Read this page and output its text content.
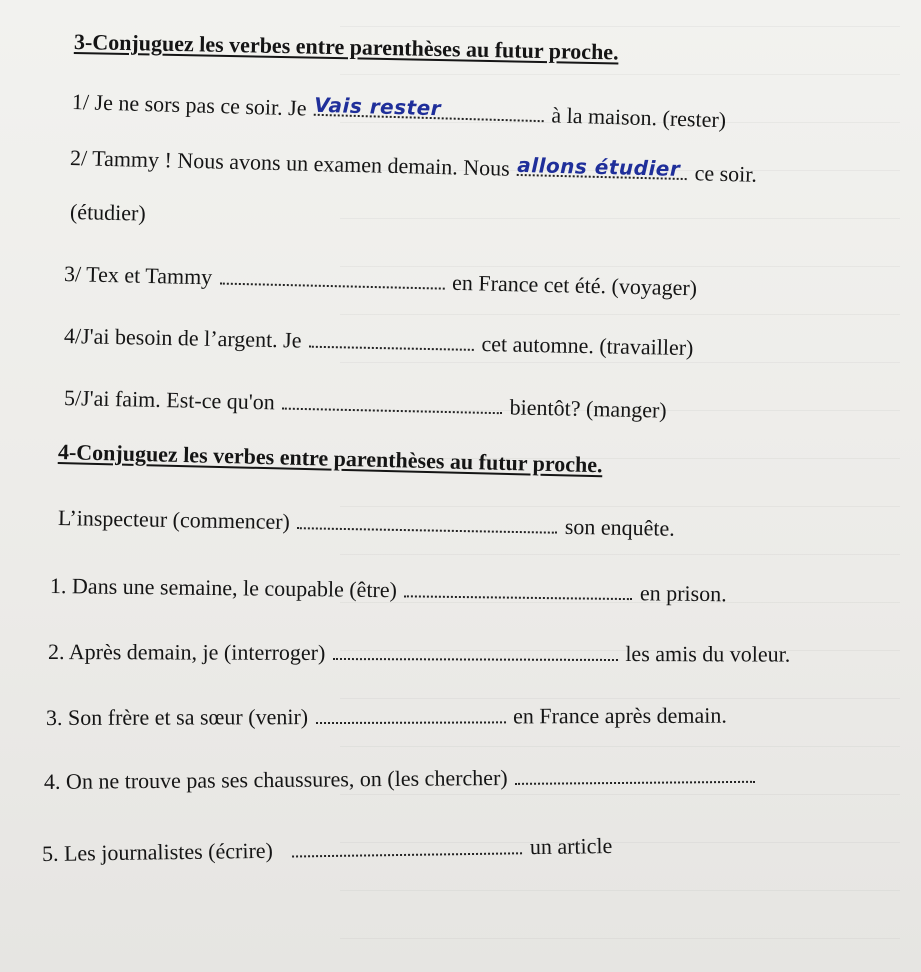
3-Conjuguez les verbes entre parenthèses au futur proche.
1/ Je ne sors pas ce soir. Je Vais rester	à la maison. (rester)
2/ Tammy ! Nous avons un examen demain. Nous allons étudier ce soir.
(étudier)
3/ Tex et Tammy	en France cet été. (voyager)
4/J'ai besoin de l’argent. Je	cet automne. (travailler)
5/J'ai faim. Est-ce qu'on	bientôt? (manger)
4-Conjuguez les verbes entre parenthèses au futur proche.
L’inspecteur (commencer)	son enquête.
1. Dans une semaine, le coupable (être)	en prison.
2. Après demain, je (interroger)	les amis du voleur.
3. Son frère et sa sœur (venir)	en France après demain.
4. On ne trouve pas ses chaussures, on (les chercher)
5. Les journalistes (écrire)	un article
